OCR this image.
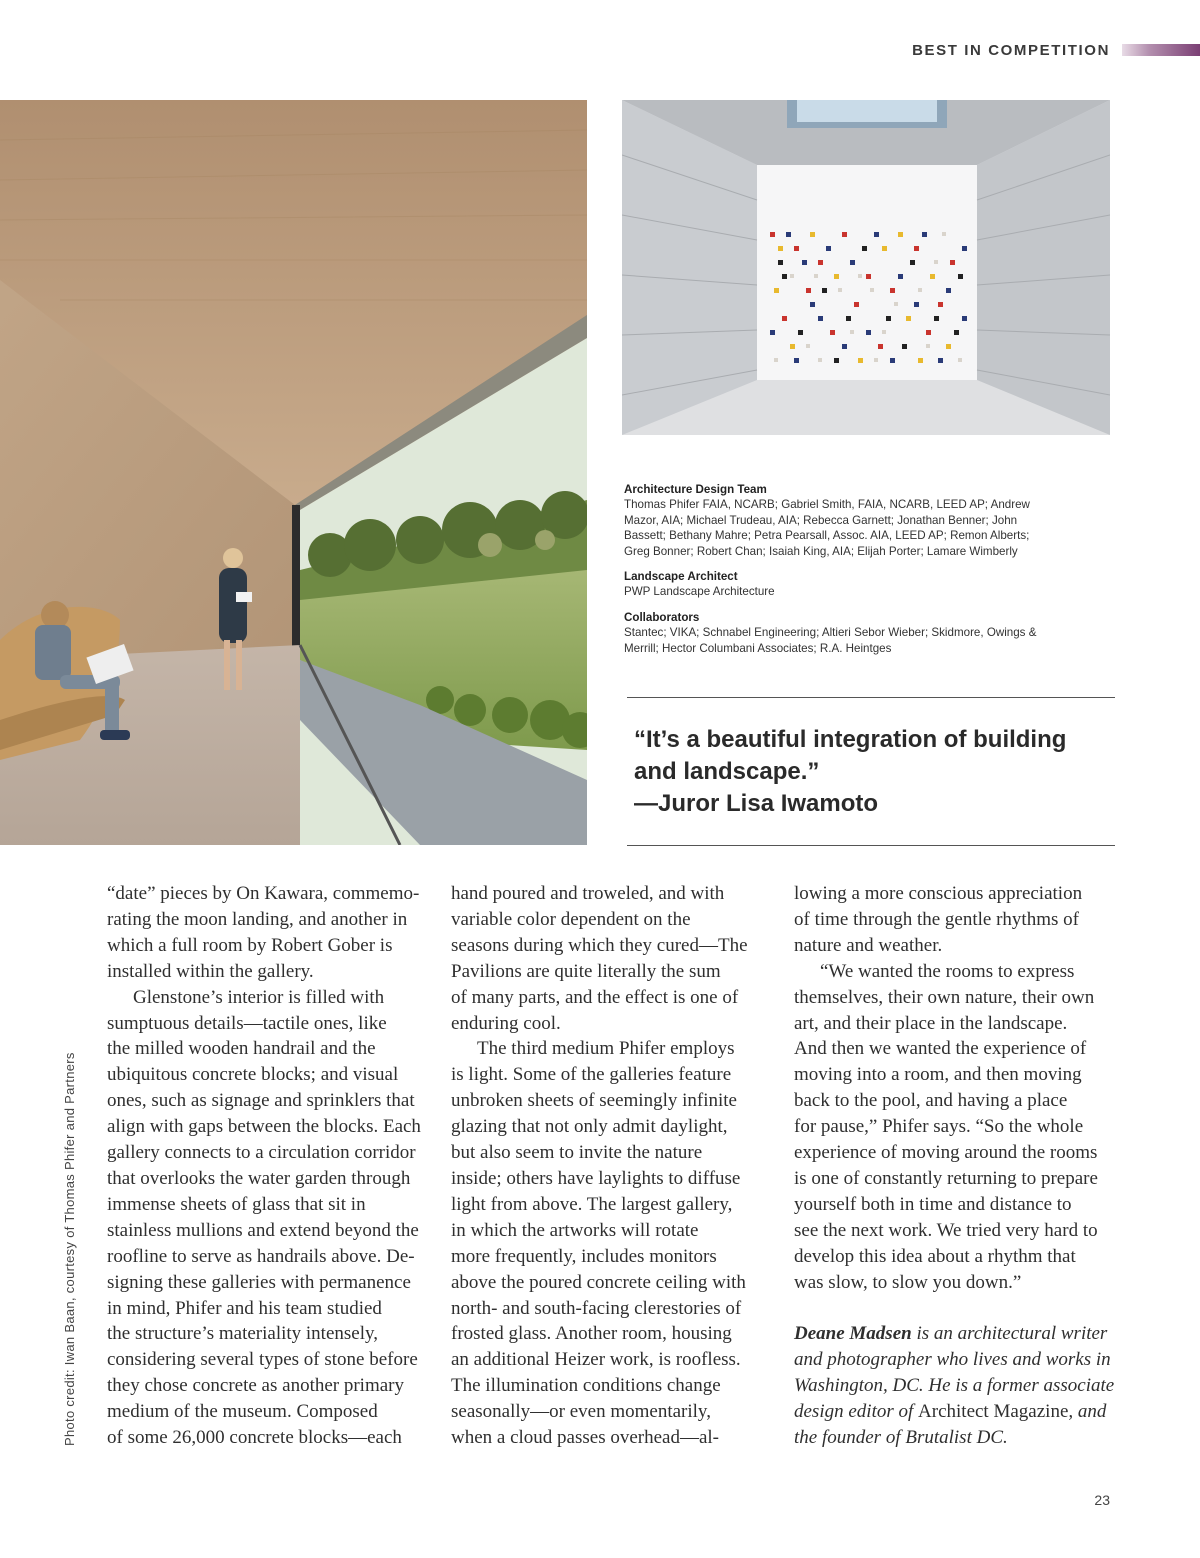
BEST IN COMPETITION
Architecture Design Team
Thomas Phifer FAIA, NCARB; Gabriel Smith, FAIA, NCARB, LEED AP; Andrew
Mazor, AIA; Michael Trudeau, AIA; Rebecca Garnett; Jonathan Benner; John
Bassett; Bethany Mahre; Petra Pearsall, Assoc. AIA, LEED AP; Remon Alberts;
Greg Bonner; Robert Chan; Isaiah King, AIA; Elijah Porter; Lamare Wimberly
Landscape Architect
PWP Landscape Architecture
Collaborators
Stantec; VIKA; Schnabel Engineering; Altieri Sebor Wieber; Skidmore, Owings &
Merrill; Hector Columbani Associates; R.A. Heintges
“It’s a beautiful integration of building
and landscape.”
—Juror Lisa Iwamoto
Photo credit: Iwan Baan, courtesy of Thomas Phifer and Partners
“date” pieces by On Kawara, commemo-
rating the moon landing, and another in
which a full room by Robert Gober is
installed within the gallery.
Glenstone’s interior is filled with
sumptuous details—tactile ones, like
the milled wooden handrail and the
ubiquitous concrete blocks; and visual
ones, such as signage and sprinklers that
align with gaps between the blocks. Each
gallery connects to a circulation corridor
that overlooks the water garden through
immense sheets of glass that sit in
stainless mullions and extend beyond the
roofline to serve as handrails above. De-
signing these galleries with permanence
in mind, Phifer and his team studied
the structure’s materiality intensely,
considering several types of stone before
they chose concrete as another primary
medium of the museum. Composed
of some 26,000 concrete blocks—each
hand poured and troweled, and with
variable color dependent on the
seasons during which they cured—The
Pavilions are quite literally the sum
of many parts, and the effect is one of
enduring cool.
The third medium Phifer employs
is light. Some of the galleries feature
unbroken sheets of seemingly infinite
glazing that not only admit daylight,
but also seem to invite the nature
inside; others have laylights to diffuse
light from above. The largest gallery,
in which the artworks will rotate
more frequently, includes monitors
above the poured concrete ceiling with
north- and south-facing clerestories of
frosted glass. Another room, housing
an additional Heizer work, is roofless.
The illumination conditions change
seasonally—or even momentarily,
when a cloud passes overhead—al-
lowing a more conscious appreciation
of time through the gentle rhythms of
nature and weather.
“We wanted the rooms to express
themselves, their own nature, their own
art, and their place in the landscape.
And then we wanted the experience of
moving into a room, and then moving
back to the pool, and having a place
for pause,” Phifer says. “So the whole
experience of moving around the rooms
is one of constantly returning to prepare
yourself both in time and distance to
see the next work. We tried very hard to
develop this idea about a rhythm that
was slow, to slow you down.”
Deane Madsen is an architectural writer
and photographer who lives and works in
Washington, DC. He is a former associate
design editor of Architect Magazine, and
the founder of Brutalist DC.
23
